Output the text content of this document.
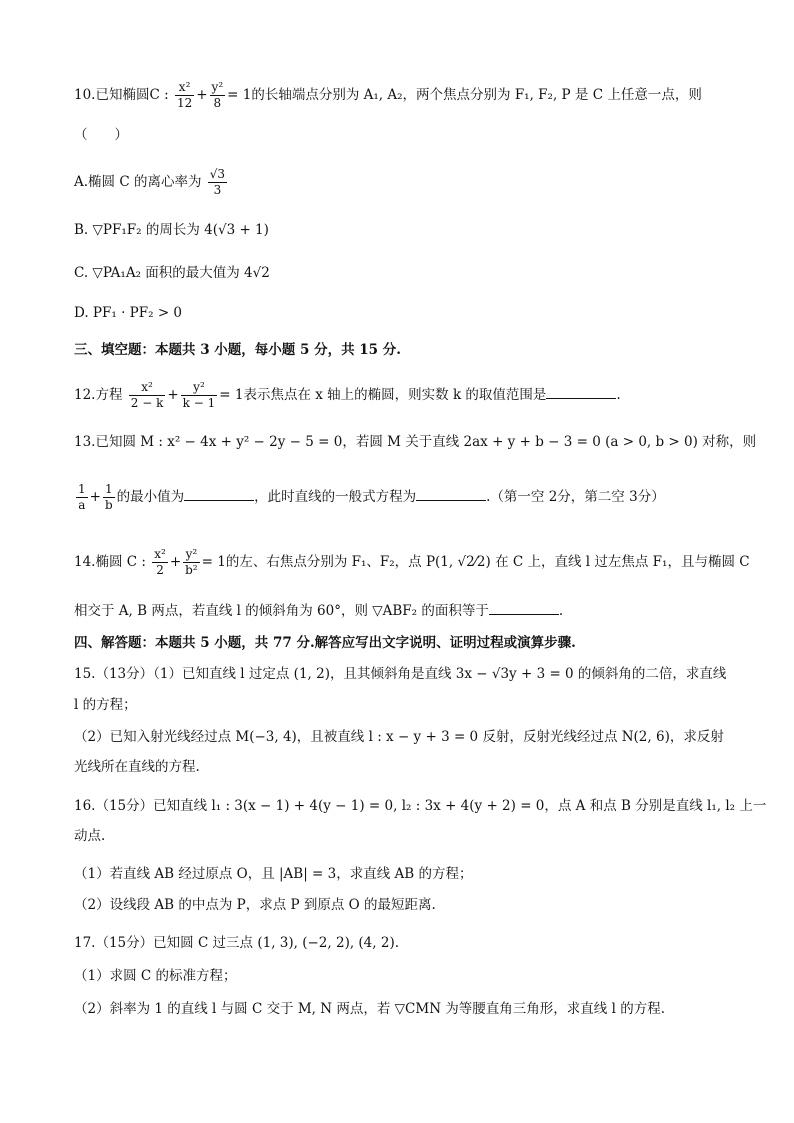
10.已知椭圆C : $\frac{\text{x²}}{12} + \frac{\text{y²}}{8} = 1$的长轴端点分别为 A₁, A₂，两个焦点分别为 F₁, F₂, P 是 C 上任意一点，则
（　　）
A.椭圆 C 的离心率为 $\frac{√3}{3}$
B. ▽PF₁F₂ 的周长为 4(√3 + 1)
C. ▽PA₁A₂ 面积的最大值为 4√2
D. PF₁ · PF₂ > 0
三、填空题：本题共 3 小题，每小题 5 分，共 15 分.
12.方程 $\frac{\text{x²}}{2 - k} + \frac{\text{y²}}{k - 1} = 1$表示焦点在 x 轴上的椭圆，则实数 k 的取值范围是	.
13.已知圆 M : x² − 4x + y² − 2y − 5 = 0，若圆 M 关于直线 2ax + y + b − 3 = 0 (a > 0, b > 0) 对称，则
$\frac{1}{a} + \frac{1}{b}$ 的最小值为	，此时直线的一般式方程为	.（第一空 2分，第二空 3分）
14.椭圆 C : $\frac{\text{x²}}{2} + \frac{\text{y²}}{\text{b²}} = 1$的左、右焦点分别为 F₁、F₂，点 P(1, √2⁄2) 在 C 上，直线 l 过左焦点 F₁，且与椭圆 C
相交于 A, B 两点，若直线 l 的倾斜角为 60°，则 ▽ABF₂ 的面积等于	.
四、解答题：本题共 5 小题，共 77 分.解答应写出文字说明、证明过程或演算步骤.
15.（13分）（1）已知直线 l 过定点 (1, 2)，且其倾斜角是直线 3x − √3y + 3 = 0 的倾斜角的二倍，求直线
l 的方程；
（2）已知入射光线经过点 M(−3, 4)，且被直线 l : x − y + 3 = 0 反射，反射光线经过点 N(2, 6)，求反射
光线所在直线的方程.
16.（15分）已知直线 l₁ : 3(x − 1) + 4(y − 1) = 0, l₂ : 3x + 4(y + 2) = 0，点 A 和点 B 分别是直线 l₁, l₂ 上一
动点.
（1）若直线 AB 经过原点 O，且 |AB| = 3，求直线 AB 的方程；
（2）设线段 AB 的中点为 P，求点 P 到原点 O 的最短距离.
17.（15分）已知圆 C 过三点 (1, 3), (−2, 2), (4, 2).
（1）求圆 C 的标准方程；
（2）斜率为 1 的直线 l 与圆 C 交于 M, N 两点，若 ▽CMN 为等腰直角三角形，求直线 l 的方程.
